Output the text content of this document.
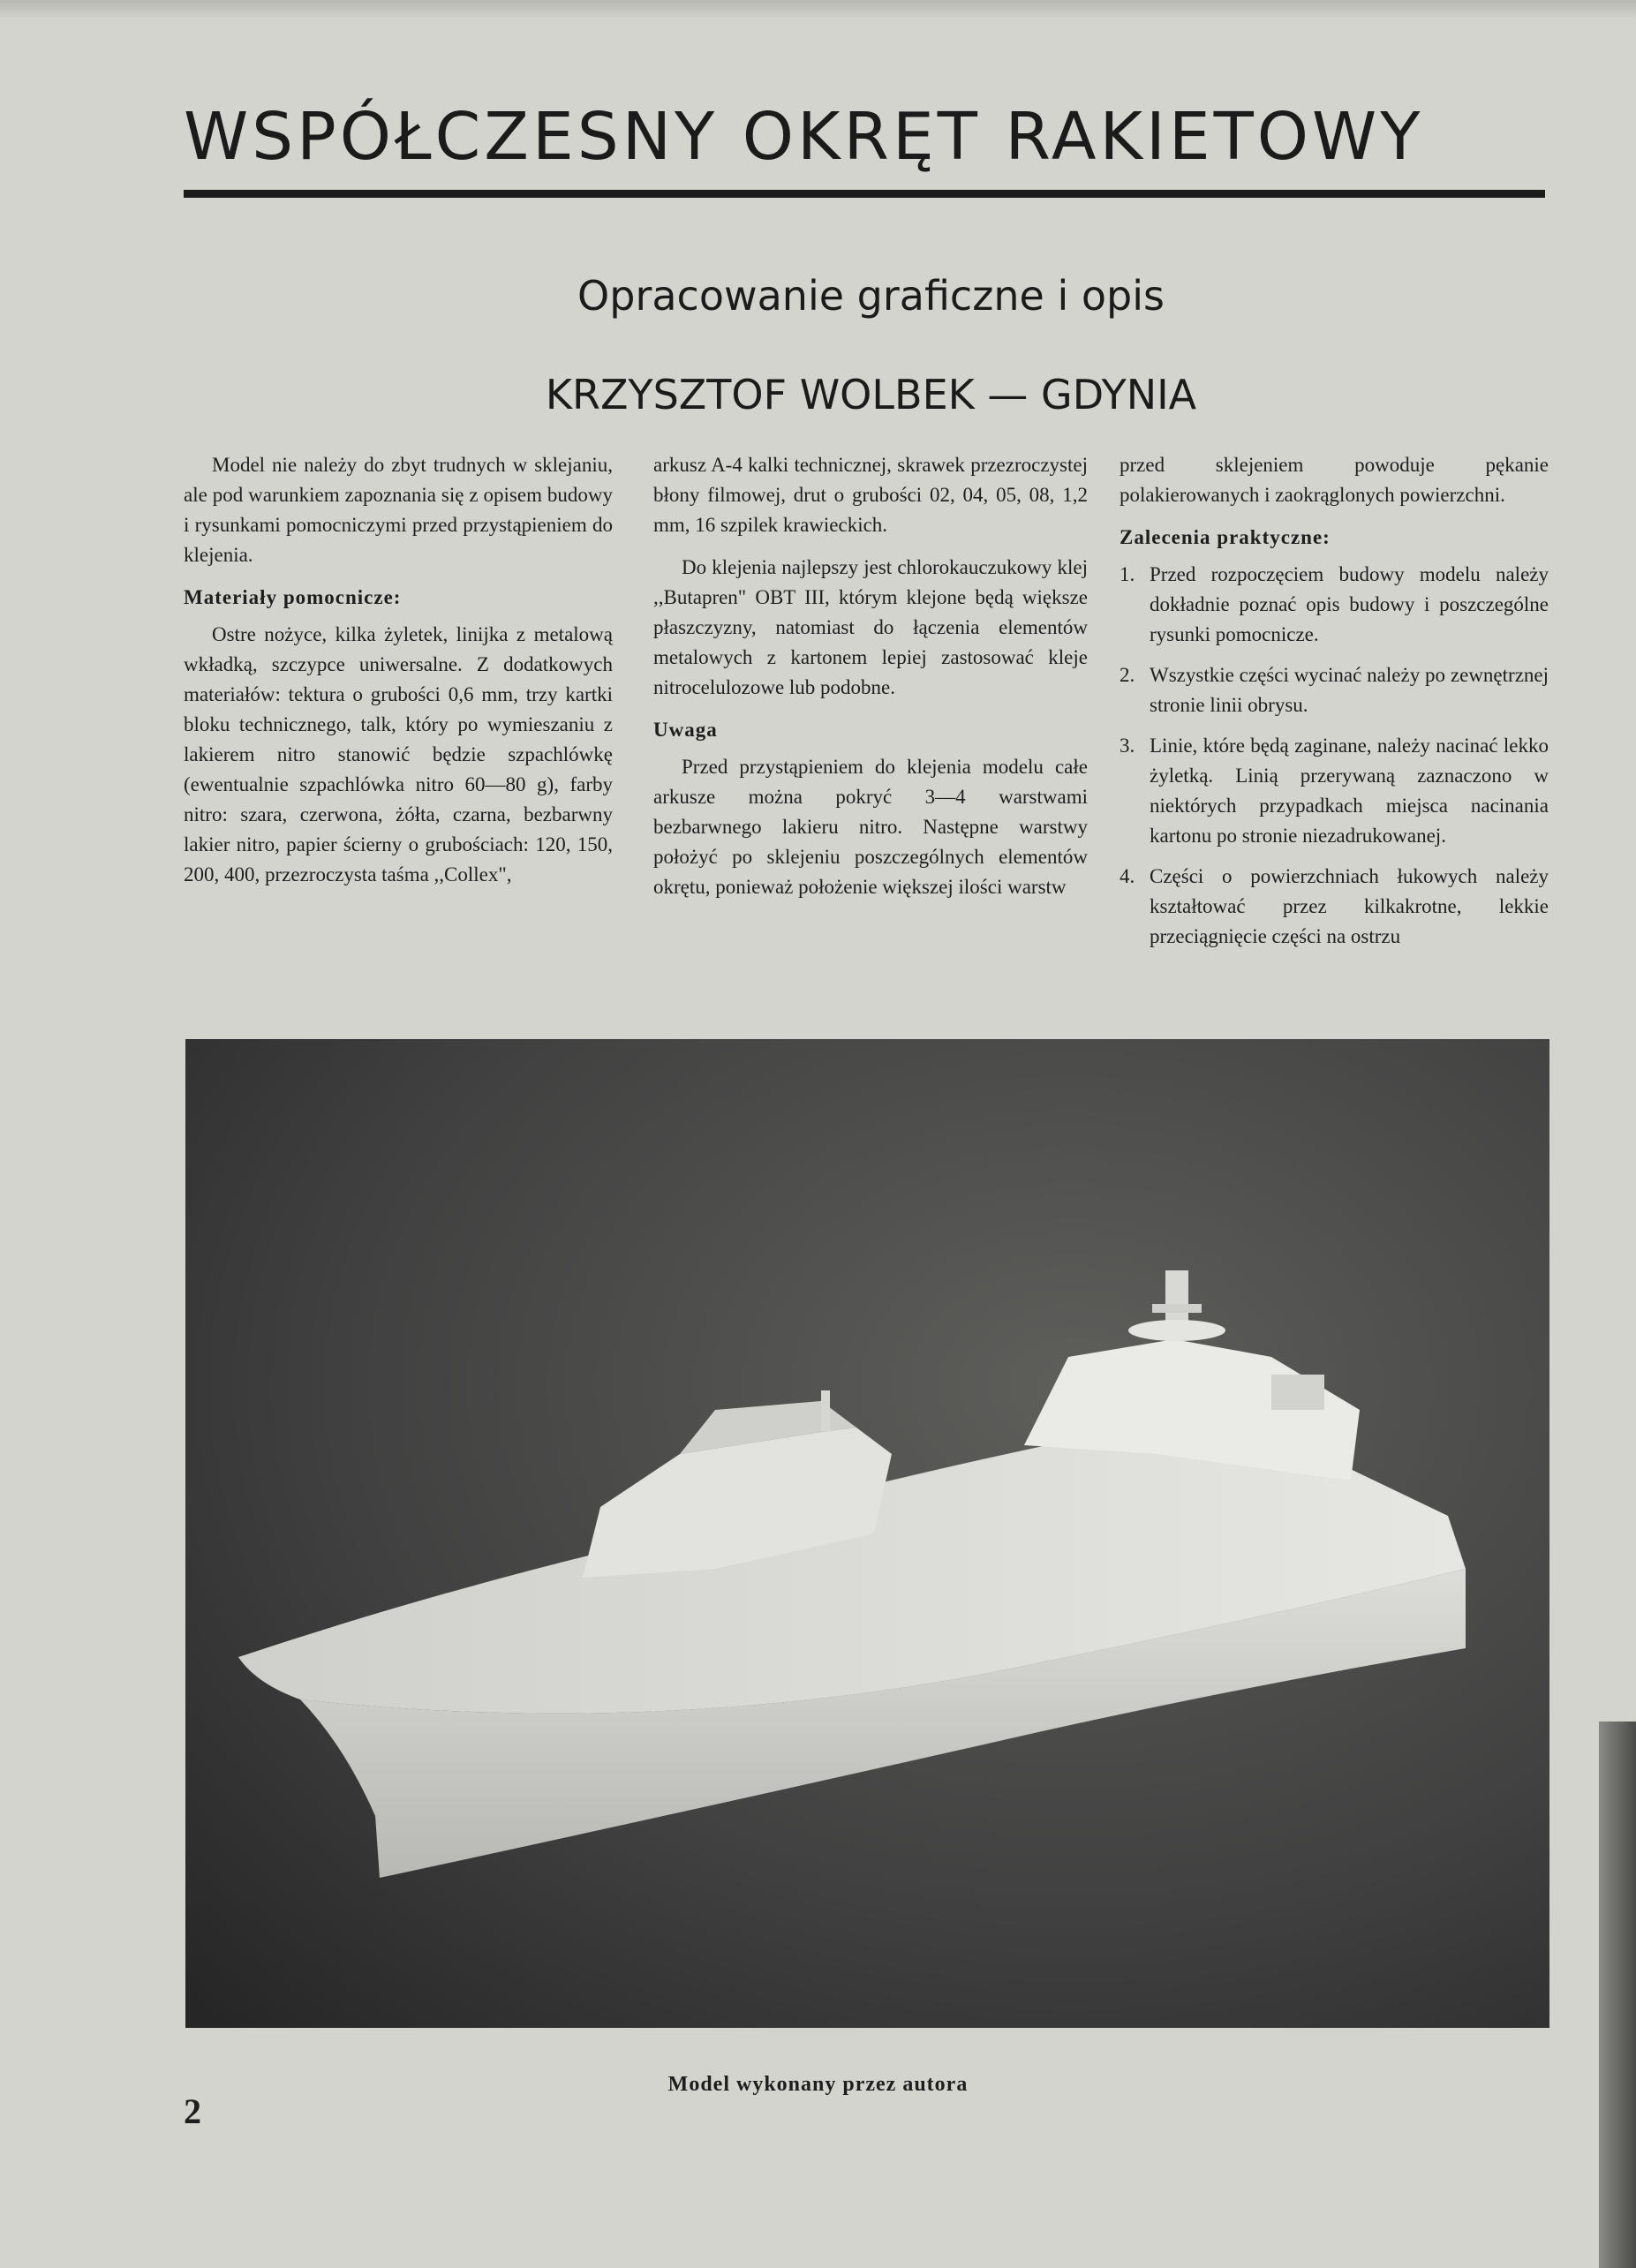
WSPÓŁCZESNY OKRĘT RAKIETOWY
Opracowanie graficzne i opis
KRZYSZTOF WOLBEK — GDYNIA

Model nie należy do zbyt trudnych w sklejaniu, ale pod warunkiem zapoznania się z opisem budowy i rysunkami pomocniczymi przed przystąpieniem do klejenia.

Materiały pomocnicze:

Ostre nożyce, kilka żyletek, linijka z metalową wkładką, szczypce uniwersalne. Z dodatkowych materiałów: tektura o grubości 0,6 mm, trzy kartki bloku technicznego, talk, który po wymieszaniu z lakierem nitro stanowić będzie szpachlówkę (ewentualnie szpachlówka nitro 60—80 g), farby nitro: szara, czerwona, żółta, czarna, bezbarwny lakier nitro, papier ścierny o grubościach: 120, 150, 200, 400, przezroczysta taśma ,,Collex",

arkusz A-4 kalki technicznej, skrawek przezroczystej błony filmowej, drut o grubości 02, 04, 05, 08, 1,2 mm, 16 szpilek krawieckich.

Do klejenia najlepszy jest chlorokauczukowy klej ,,Butapren" OBT III, którym klejone będą większe płaszczyzny, natomiast do łączenia elementów metalowych z kartonem lepiej zastosować kleje nitrocelulozowe lub podobne.

Uwaga

Przed przystąpieniem do klejenia modelu całe arkusze można pokryć 3—4 warstwami bezbarwnego lakieru nitro. Następne warstwy położyć po sklejeniu poszczególnych elementów okrętu, ponieważ położenie większej ilości warstw

przed sklejeniem powoduje pękanie polakierowanych i zaokrąglonych powierzchni.

Zalecenia praktyczne:
1. Przed rozpoczęciem budowy modelu należy dokładnie poznać opis budowy i poszczególne rysunki pomocnicze.
2. Wszystkie części wycinać należy po zewnętrznej stronie linii obrysu.
3. Linie, które będą zaginane, należy nacinać lekko żyletką. Linią przerywaną zaznaczono w niektórych przypadkach miejsca nacinania kartonu po stronie niezadrukowanej.
4. Części o powierzchniach łukowych należy kształtować przez kilkakrotne, lekkie przeciągnięcie części na ostrzu
Model wykonany przez autora
2
